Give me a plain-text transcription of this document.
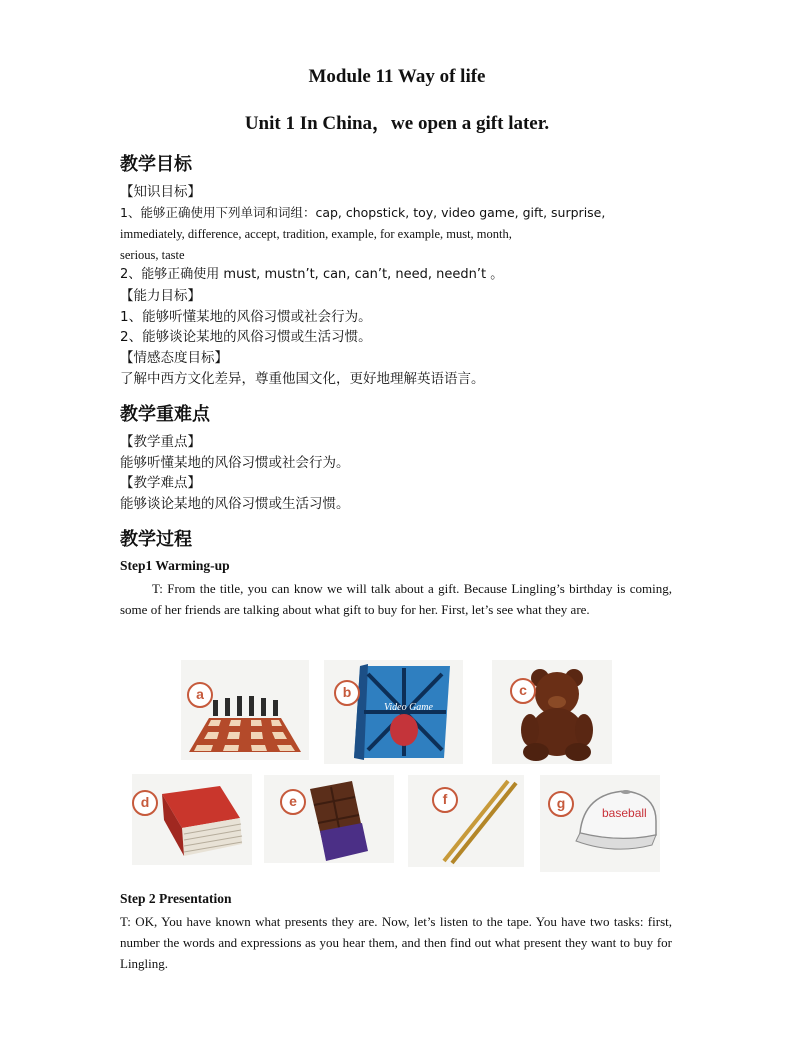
Module 11 Way of life
Unit 1 In China，we open a gift later.
教学目标
【知识目标】
1、能够正确使用下列单词和词组：cap, chopstick, toy, video game, gift, surprise,
immediately, difference, accept, tradition, example, for example, must, month,
serious, taste
2、能够正确使用 must, mustn’t, can, can’t, need, needn’t 。
【能力目标】
1、能够听懂某地的风俗习惯或社会行为。
2、能够谈论某地的风俗习惯或生活习惯。
【情感态度目标】
了解中西方文化差异，尊重他国文化，更好地理解英语语言。
教学重难点
【教学重点】
能够听懂某地的风俗习惯或社会行为。
【教学难点】
能够谈论某地的风俗习惯或生活习惯。
教学过程
Step1 Warming-up
T: From the title, you can know we will talk about a gift. Because Lingling’s birthday is coming, some of her friends are talking about what gift to buy for her. First, let’s see what they are.
a
Video Game
b	c
d	e	f
baseball
g
Step 2 Presentation
T: OK, You have known what presents they are. Now, let’s listen to the tape. You have two tasks: first, number the words and expressions as you hear them, and then find out what present they want to buy for Lingling.
